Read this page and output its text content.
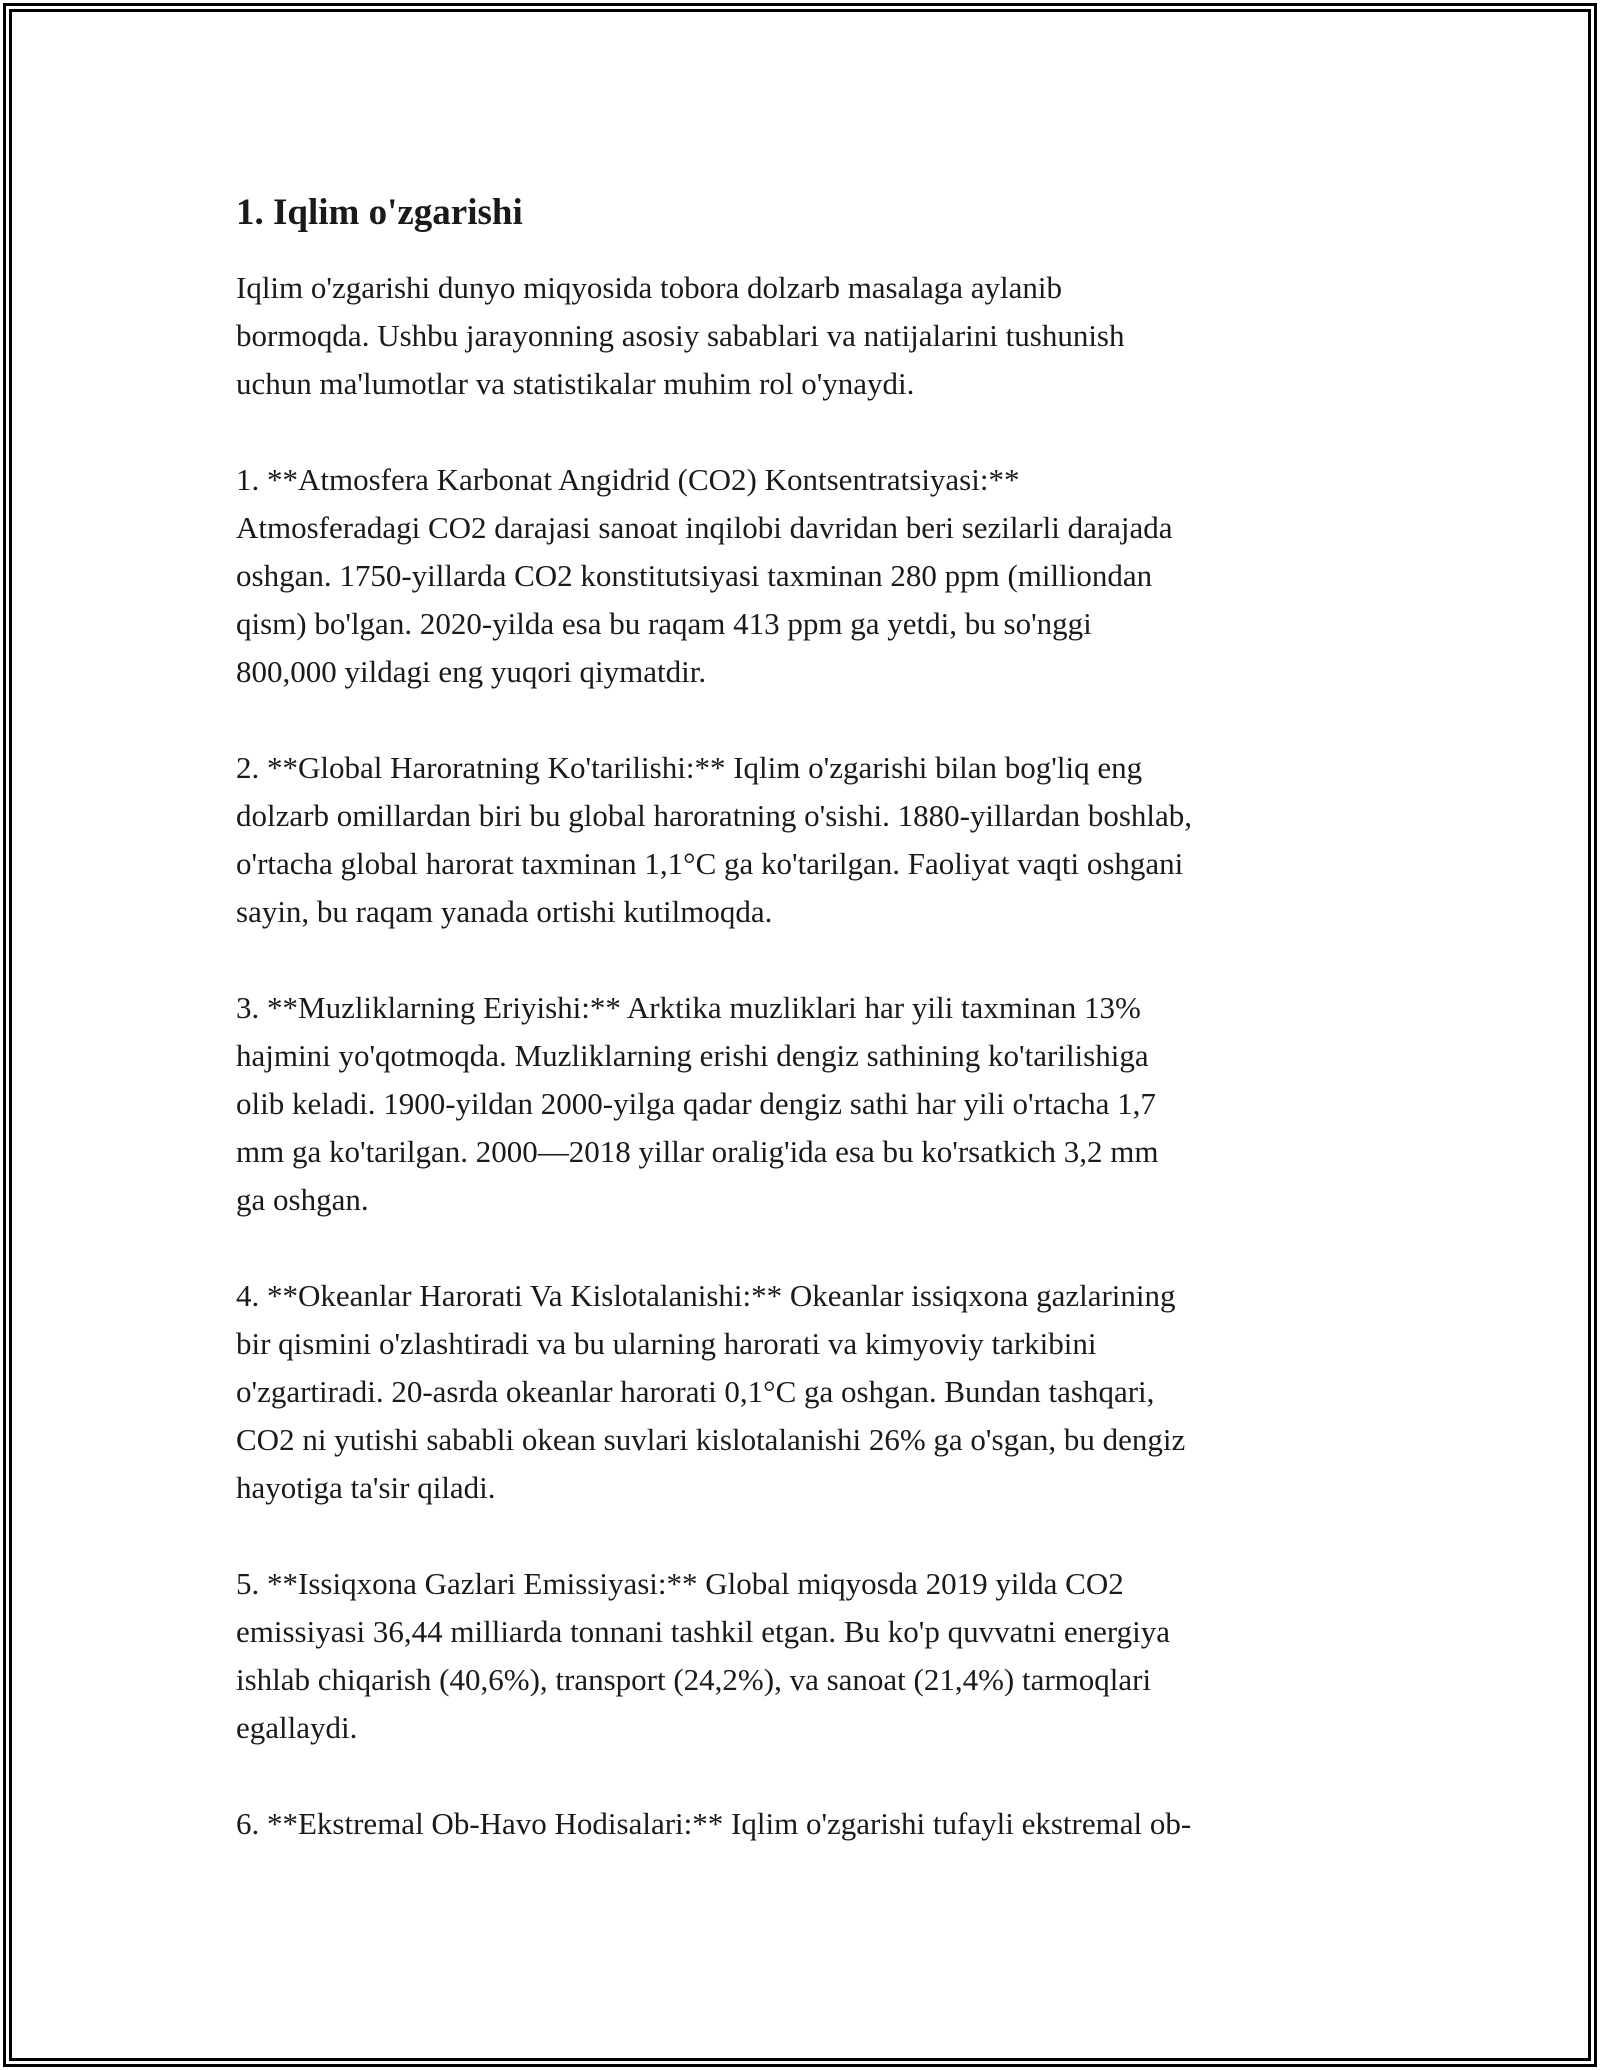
1. Iqlim o'zgarishi

Iqlim o'zgarishi dunyo miqyosida tobora dolzarb masalaga aylanib
bormoqda. Ushbu jarayonning asosiy sabablari va natijalarini tushunish
uchun ma'lumotlar va statistikalar muhim rol o'ynaydi.

1. **Atmosfera Karbonat Angidrid (CO2) Kontsentratsiyasi:**
Atmosferadagi CO2 darajasi sanoat inqilobi davridan beri sezilarli darajada
oshgan. 1750-yillarda CO2 konstitutsiyasi taxminan 280 ppm (milliondan
qism) bo'lgan. 2020-yilda esa bu raqam 413 ppm ga yetdi, bu so'nggi
800,000 yildagi eng yuqori qiymatdir.

2. **Global Haroratning Ko'tarilishi:** Iqlim o'zgarishi bilan bog'liq eng
dolzarb omillardan biri bu global haroratning o'sishi. 1880-yillardan boshlab,
o'rtacha global harorat taxminan 1,1°C ga ko'tarilgan. Faoliyat vaqti oshgani
sayin, bu raqam yanada ortishi kutilmoqda.

3. **Muzliklarning Eriyishi:** Arktika muzliklari har yili taxminan 13%
hajmini yo'qotmoqda. Muzliklarning erishi dengiz sathining ko'tarilishiga
olib keladi. 1900-yildan 2000-yilga qadar dengiz sathi har yili o'rtacha 1,7
mm ga ko'tarilgan. 2000—2018 yillar oralig'ida esa bu ko'rsatkich 3,2 mm
ga oshgan.

4. **Okeanlar Harorati Va Kislotalanishi:** Okeanlar issiqxona gazlarining
bir qismini o'zlashtiradi va bu ularning harorati va kimyoviy tarkibini
o'zgartiradi. 20-asrda okeanlar harorati 0,1°C ga oshgan. Bundan tashqari,
CO2 ni yutishi sababli okean suvlari kislotalanishi 26% ga o'sgan, bu dengiz
hayotiga ta'sir qiladi.

5. **Issiqxona Gazlari Emissiyasi:** Global miqyosda 2019 yilda CO2
emissiyasi 36,44 milliarda tonnani tashkil etgan. Bu ko'p quvvatni energiya
ishlab chiqarish (40,6%), transport (24,2%), va sanoat (21,4%) tarmoqlari
egallaydi.

6. **Ekstremal Ob-Havo Hodisalari:** Iqlim o'zgarishi tufayli ekstremal ob-
